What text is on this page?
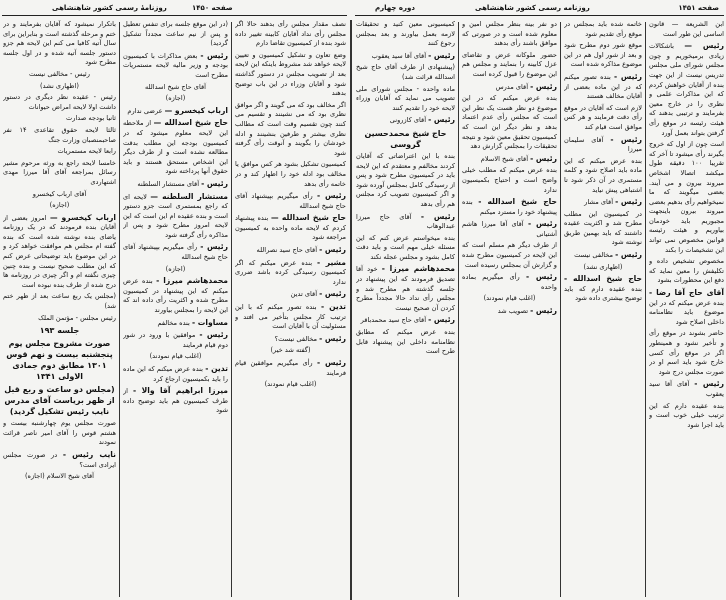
روزنامهٔ رسمی کشور شاهنشاهی	صفحه ۱۴۵۰	دوره چهارم	روزنامه رسمی کشور شاهنشاهی	صفحه ۱۴۵۱

باتکرار نمیشود که آقایان بفرمایند و در ختم و مرحله گذشته است و بنابراین برای سال آتیه کافیا می کنم این لایحه هم جزو دستور جلسه آتیه شده و در اول جلسه مطرح شود

رئیس - مخالفی نیست

(اظهاری نشد)

رئیس - عقیده نظر دیگری در دستور داشت اولا لایحه امراض حیوانات

ثانیا بودجه صدارت

ثالثا لایحه حقوق تقاعدی ۱۴ نفر صاحبمنصبان وزارت جنگ

رابعا لایحه مستمریات

خامسا لایحه راجع به ورثه مرحوم مشیر رسائل بمراجعه آقای آقا میرزا مهدی اشتهاردی

آقای ارباب کیخسرو

(اجازه)

ارباب کیخسرو — امروز بعضی از آقایان بنده فرمودند که در یک روزنامه یاضای بنده نوشته شده است که بنده گفته ام مجلس هم موافقت خواهد کرد و در این موضوع باید توضیحاتی عرض کنم که این مطلب صحیح نیست و بنده چنین چیزی نگفته ام و اگر چیزی در روزنامه ها درج شده از طرف بنده نبوده است

(مجلس یک ربع ساعت بعد از ظهر ختم شد)

رئیس مجلس - مؤتمن الملک

جلسه ۱۹۳

صورت مشروح مجلس یوم پنجشنبه بیست و نهم قوس ۱۳۰۱ مطابق دوم جمادی الاولی ۱۳۴۱

(مجلس دو ساعت و ربع قبل از ظهر بریاست آقای مدرس نایب رئیس تشکیل گردید)

صورت مجلس یوم چهارشنبه بیست و هشتم قوس را آقای امیر ناصر قرائت نمودند

نایب رئیس - در صورت مجلس ایرادی است؟

آقای شیخ الاسلام (اجازه)

(در این موقع جلسه برای تنفس تعطیل و پس از نیم ساعت مجدداً تشکیل گردید)

رئیس - بعض مذاکرات با کمیسیون بودجه و وزیر مالیه لایحه مستمریات مطرح است

آقای حاج شیخ اسدالله

(اجازه)

ارباب کیخسرو — عرضی ندارم

حاج شیخ اسدالله — از ملاحظه این لایحه معلوم میشود که در کمیسیون بودجه این مطلب بدقت مطالعه نشده است و از طرف دیگر این اشخاص مستحق هستند و باید حقوق آنها پرداخته شود

رئیس - آقای مستشار السلطنه

مستشار السلطنه — لایحه ای که راجع بمستمری است جزو دستور است و بنده عقیده ام این است که این لایحه امروز مطرح شود و پس از مذاکره رأی گرفته شود

رئیس - رأی میگیریم بپیشنهاد آقای حاج شیخ اسدالله

(اجازه)

محمدهاشم میرزا - بنده عرض میکنم که این پیشنهاد در کمیسیون مطرح شده و اکثریت رأی داده اند که این لایحه را بمجلس بیاورند

مساوات - بنده مخالفم

رئیس - موافقین با ورود در شور دوم قیام فرمایند

(اغلب قیام نمودند)

تدین - بنده عرض میکنم که این ماده را باید بکمیسیون ارجاع کرد

میرزا ابراهیم آقا والا - از طرف کمیسیون هم باید توضیح داده شود

نصف مقدار مجلس رأی بدهند حالا اگر مجلس رأی نداد آقایان کابینه تغییر داده شود بنده از کمیسیون تقاضا دارم

وضع تعاون و تشکیل کمیسیون و تعیین لایحه خواهد شد مشروط باینکه این لایحه بعد از تصویب مجلس در دستور گذاشته شود و آقایان وزراء در این باب توضیح بدهند

اگر مخالف بود که می گویند و اگر موافق نظری بود که می نشینند و تقسیم می کنند چون تقسیم وقت است که مطالب نظری بیشتر و طرفین بنشینند و ادله خودشان را بگویند و آنوقت رأی گرفته شود

کمیسیون تشکیل بشود هر کس موافق یا مخالف بود ادله خود را اظهار کند و در خاتمه رأی بدهد

رئیس - رأی میگیریم بپیشنهاد آقای حاج شیخ اسدالله

حاج شیخ اسدالله — بنده پیشنهاد کردم که لایحه ماده واحده به کمیسیون مراجعه شود

رئیس - آقای حاج سید نصرالله

مشیر - بنده عرض میکنم که اگر کمیسیون رسیدگی کرده باشد ضرری ندارد

رئیس - آقای تدین

تدین - بنده تصور میکنم که با این ترتیب کار مجلس بتأخیر می افتد و مسئولیت آن با آقایان است

رئیس - مخالفی نیست؟

(گفته شد خیر)

رئیس - رأی میگیریم موافقین قیام فرمایند

(اغلب قیام نمودند)

کمیسیونی معین کنید و تحقیقات لازمه بعمل بیاورند و بعد بمجلس رجوع کنند

رئیس - آقای آقا سید یعقوب

(پیشنهادی از طرف آقای حاج شیخ اسدالله قرائت شد)

ماده واحده - مجلس شورای ملی تصویب می نماید که آقایان وزراء لایحه خود را تقدیم کنند

رئیس - آقای کازرونی

حاج شیخ محمدحسین گروسی

بنده با این اعتراضاتی که آقایان کردند مخالفم و معتقدم که این لایحه باید در کمیسیون مطرح شود و پس از رسیدگی کامل بمجلس آورده شود و اگر کمیسیون تصویب کرد مجلس هم رأی بدهد

رئیس - آقای حاج میرزا عبدالوهاب

بنده میخواستم عرض کنم که این مسئله خیلی مهم است و باید دقت کامل بشود و مجلس عجله نکند

محمدهاشم میرزا - خود آقا تصدیق فرمودند که این پیشنهاد در جلسه گذشته هم مطرح شد و مجلس رأی نداد حالا مجدداً مطرح کردن آن صحیح نیست

رئیس - آقای حاج سید محمدباقر

بنده عرض میکنم که مطابق نظامنامه داخلی این پیشنهاد قابل طرح است

دو نفر بینه بنظر مجلس امین و معلوم شده است و در صورتی که موافق باشند رأی بدهند

حضور ملوکانه عرض و تقاضای عزل کابینه را بنمایند و مجلس هم این موضوع را قبول کرده است

رئیس - آقای مدرس

بنده عرض میکنم که در این موضوع دو نظر هست یک نظر این است که مجلس رأی عدم اعتماد بدهد و نظر دیگر این است که کمیسیون تحقیق معین شود و نتیجه تحقیقات را بمجلس گزارش دهد

رئیس - آقای شیخ الاسلام

بنده عرض میکنم که مطلب خیلی واضح است و احتیاج بکمیسیون ندارد

حاج شیخ اسدالله - بنده پیشنهاد خود را مسترد میکنم

رئیس - آقای آقا میرزا هاشم آشتیانی

از طرف دیگر هم مسلم است که این لایحه در کمیسیون مطرح شده و گزارش آن بمجلس رسیده است

رئیس - رأی میگیریم بماده واحده

(اغلب قیام نمودند)

رئیس - تصویب شد

خاتمه شده باید بمجلس در موقع رأی تقدیم شود

موقع شور دوم مطرح شود و بعد از شور اول هم در این موضوع مذاکره شده است

رئیس - بنده تصور میکنم که در این ماده بعضی از آقایان مخالف هستند

لازم است که آقایان در موقع رأی دقت فرمایند و هر کس موافق است قیام کند

رئیس - آقای سلیمان میرزا

بنده عرض میکنم که این ماده باید اصلاح شود و کلمه مستمری در آن ذکر شود تا اشتباهی پیش نیاید

رئیس - آقای مشار

در کمیسیون این مطلب مطرح شد و اکثریت عقیده داشتند که باید بهمین طریق نوشته شود

رئیس - مخالفی نیست

(اظهاری نشد)

حاج شیخ اسدالله - بنده عقیده دارم که باید توضیح بیشتری داده شود

ابن الشریعه — قانون اساسی این طور است

رئیس — باشکالات زیادی برمیخوریم و چون مجلس شورای ملی مجلس تدریس نیست از این جهت بنده از آقایان خواهش کردم که این مذاکرات علمی و نظری را در خارج معین بفرمایند و ترتیبی بدهند که هیئت رئیسه در موقع رأی گرفتن بتواند بعمل آورد

است چون از اول که خروج بگیرند رأی میشود تا آخر که تقریبا ۱۰۰ دقیقه طول میکشد اتصالا اشخاص میروند بیرون و می آیند. بعضی میگویند که ما نمیخواهیم رأی بدهیم بعضی میروند بیرون باینجهت مجبوریم باید خودمان بیاوریم و هیئت رئیسه قوانین مخصوص نمی تواند این تشخیصات را بکند

مخصوص تشخیص داده و تکلیفش را معین نماید که دفع این محظورات بشود

آقای حاج آقا رضا - بنده عرض میکنم که در این موضوع باید نظامنامه داخلی اصلاح شود

حاضر بشوند در موقع رأی و تأخیر نشود و همینطور اگر در موقع رأی کسی خارج شود باید اسم او در صورت مجلس درج شود

رئیس - آقای آقا سید یعقوب

بنده عقیده دارم که این ترتیب خیلی خوب است و باید اجرا شود
